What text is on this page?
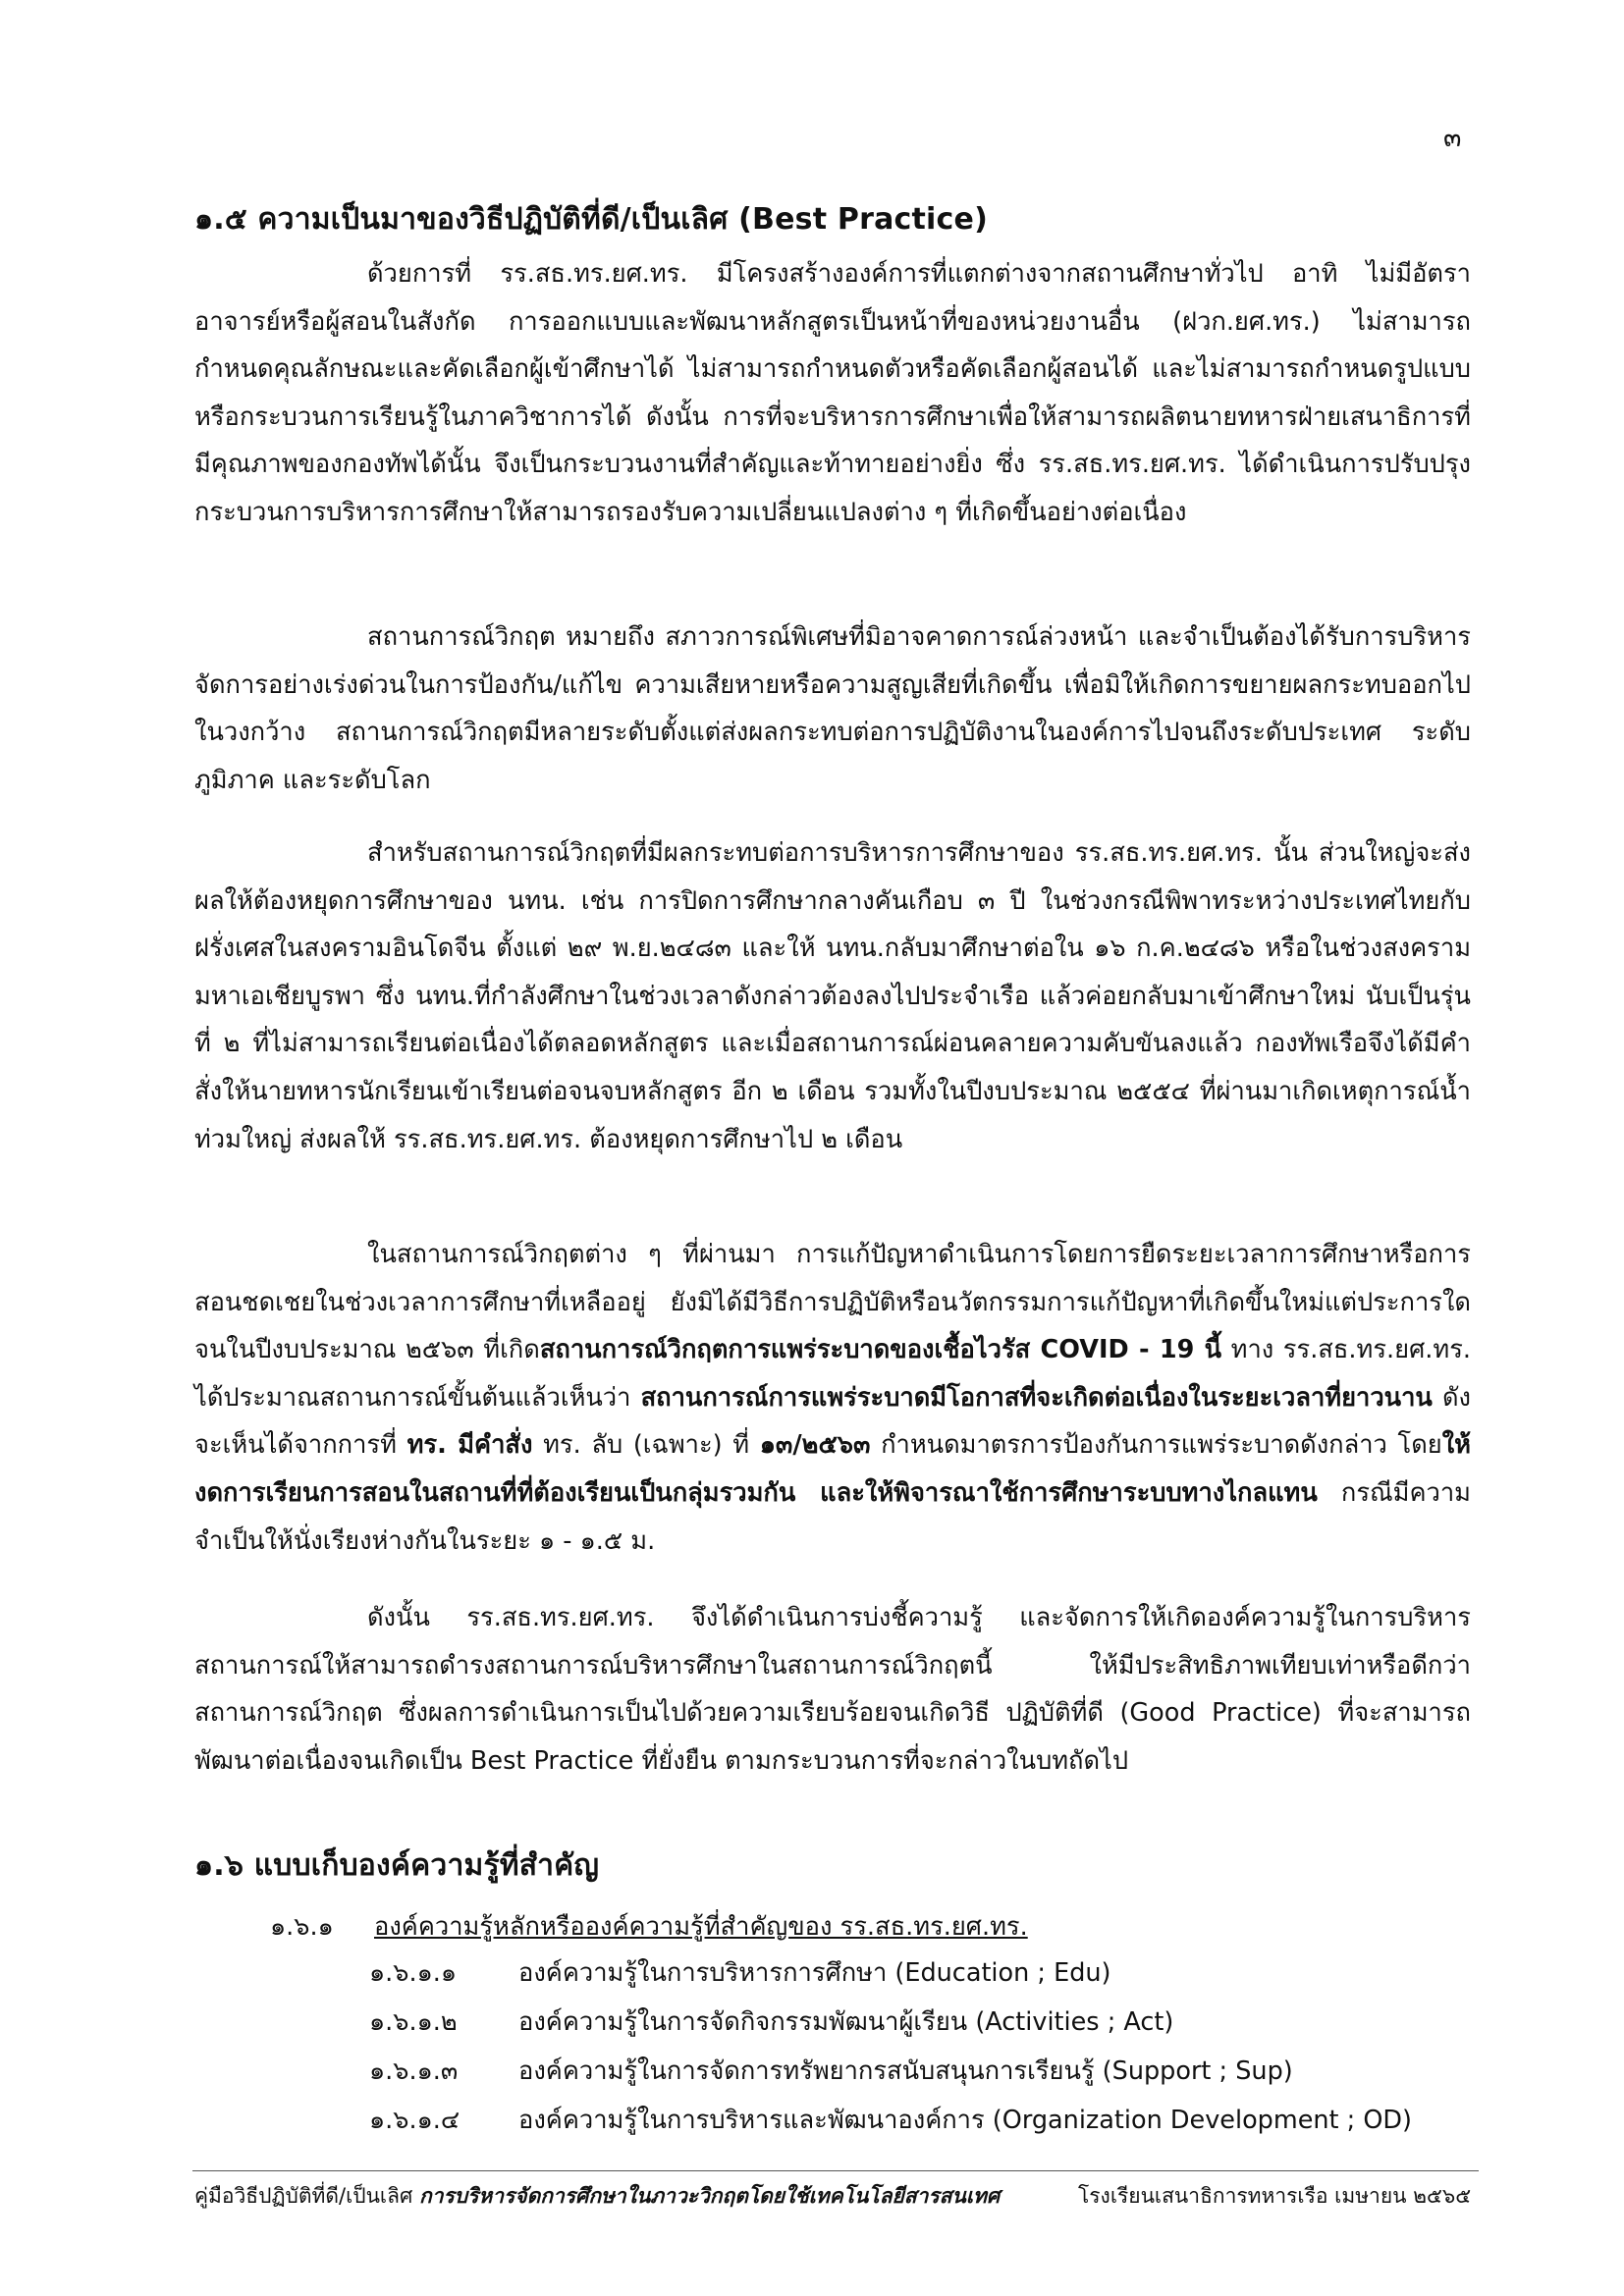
๓
๑.๕ ความเป็นมาของวิธีปฏิบัติที่ดี/เป็นเลิศ (Best Practice)

ด้วยการที่ รร.สธ.ทร.ยศ.ทร. มีโครงสร้างองค์การที่แตกต่างจากสถานศึกษาทั่วไป อาทิ ไม่มีอัตราอาจารย์หรือผู้สอนในสังกัด การออกแบบและพัฒนาหลักสูตรเป็นหน้าที่ของหน่วยงานอื่น (ฝวก.ยศ.ทร.) ไม่สามารถกำหนดคุณลักษณะและคัดเลือกผู้เข้าศึกษาได้ ไม่สามารถกำหนดตัวหรือคัดเลือกผู้สอนได้ และไม่สามารถกำหนดรูปแบบหรือกระบวนการเรียนรู้ในภาควิชาการได้ ดังนั้น การที่จะบริหารการศึกษาเพื่อให้สามารถผลิตนายทหารฝ่ายเสนาธิการที่มีคุณภาพของกองทัพได้นั้น จึงเป็นกระบวนงานที่สำคัญและท้าทายอย่างยิ่ง ซึ่ง รร.สธ.ทร.ยศ.ทร. ได้ดำเนินการปรับปรุงกระบวนการบริหารการศึกษาให้สามารถรองรับความเปลี่ยนแปลงต่าง ๆ ที่เกิดขึ้นอย่างต่อเนื่อง

สถานการณ์วิกฤต หมายถึง สภาวการณ์พิเศษที่มิอาจคาดการณ์ล่วงหน้า และจำเป็นต้องได้รับการบริหารจัดการอย่างเร่งด่วนในการป้องกัน/แก้ไข ความเสียหายหรือความสูญเสียที่เกิดขึ้น เพื่อมิให้เกิดการขยายผลกระทบออกไปในวงกว้าง สถานการณ์วิกฤตมีหลายระดับตั้งแต่ส่งผลกระทบต่อการปฏิบัติงานในองค์การไปจนถึงระดับประเทศ ระดับภูมิภาค และระดับโลก

สำหรับสถานการณ์วิกฤตที่มีผลกระทบต่อการบริหารการศึกษาของ รร.สธ.ทร.ยศ.ทร. นั้น ส่วนใหญ่จะส่งผลให้ต้องหยุดการศึกษาของ นทน. เช่น การปิดการศึกษากลางคันเกือบ ๓ ปี ในช่วงกรณีพิพาทระหว่างประเทศไทยกับฝรั่งเศสในสงครามอินโดจีน ตั้งแต่ ๒๙ พ.ย.๒๔๘๓ และให้ นทน.กลับมาศึกษาต่อใน ๑๖ ก.ค.๒๔๘๖ หรือในช่วงสงครามมหาเอเชียบูรพา ซึ่ง นทน.ที่กำลังศึกษาในช่วงเวลาดังกล่าวต้องลงไปประจำเรือ แล้วค่อยกลับมาเข้าศึกษาใหม่ นับเป็นรุ่นที่ ๒ ที่ไม่สามารถเรียนต่อเนื่องได้ตลอดหลักสูตร และเมื่อสถานการณ์ผ่อนคลายความคับขันลงแล้ว กองทัพเรือจึงได้มีคำสั่งให้นายทหารนักเรียนเข้าเรียนต่อจนจบหลักสูตร อีก ๒ เดือน รวมทั้งในปีงบประมาณ ๒๕๕๔ ที่ผ่านมาเกิดเหตุการณ์น้ำท่วมใหญ่ ส่งผลให้ รร.สธ.ทร.ยศ.ทร. ต้องหยุดการศึกษาไป ๒ เดือน

ในสถานการณ์วิกฤตต่าง ๆ ที่ผ่านมา การแก้ปัญหาดำเนินการโดยการยืดระยะเวลาการศึกษาหรือการสอนชดเชยในช่วงเวลาการศึกษาที่เหลืออยู่ ยังมิได้มีวิธีการปฏิบัติหรือนวัตกรรมการแก้ปัญหาที่เกิดขึ้นใหม่แต่ประการใด จนในปีงบประมาณ ๒๕๖๓ ที่เกิดสถานการณ์วิกฤตการแพร่ระบาดของเชื้อไวรัส COVID - 19 นี้ ทาง รร.สธ.ทร.ยศ.ทร. ได้ประมาณสถานการณ์ขั้นต้นแล้วเห็นว่า สถานการณ์การแพร่ระบาดมีโอกาสที่จะเกิดต่อเนื่องในระยะเวลาที่ยาวนาน ดังจะเห็นได้จากการที่ ทร. มีคำสั่ง ทร. ลับ (เฉพาะ) ที่ ๑๓/๒๕๖๓ กำหนดมาตรการป้องกันการแพร่ระบาดดังกล่าว โดยให้งดการเรียนการสอนในสถานที่ที่ต้องเรียนเป็นกลุ่มรวมกัน และให้พิจารณาใช้การศึกษาระบบทางไกลแทน กรณีมีความจำเป็นให้นั่งเรียงห่างกันในระยะ ๑ - ๑.๕ ม.

ดังนั้น รร.สธ.ทร.ยศ.ทร. จึงได้ดำเนินการบ่งชี้ความรู้ และจัดการให้เกิดองค์ความรู้ในการบริหารสถานการณ์ให้สามารถดำรงสถานการณ์บริหารศึกษาในสถานการณ์วิกฤตนี้ ให้มีประสิทธิภาพเทียบเท่าหรือดีกว่าสถานการณ์วิกฤต ซึ่งผลการดำเนินการเป็นไปด้วยความเรียบร้อยจนเกิดวิธี ปฏิบัติที่ดี (Good Practice) ที่จะสามารถพัฒนาต่อเนื่องจนเกิดเป็น Best Practice ที่ยั่งยืน ตามกระบวนการที่จะกล่าวในบทถัดไป

๑.๖ แบบเก็บองค์ความรู้ที่สำคัญ
๑.๖.๑ องค์ความรู้หลักหรือองค์ความรู้ที่สำคัญของ รร.สธ.ทร.ยศ.ทร.
๑.๖.๑.๑ องค์ความรู้ในการบริหารการศึกษา (Education ; Edu)
๑.๖.๑.๒ องค์ความรู้ในการจัดกิจกรรมพัฒนาผู้เรียน (Activities ; Act)
๑.๖.๑.๓ องค์ความรู้ในการจัดการทรัพยากรสนับสนุนการเรียนรู้ (Support ; Sup)
๑.๖.๑.๔ องค์ความรู้ในการบริหารและพัฒนาองค์การ (Organization Development ; OD)
คู่มือวิธีปฏิบัติที่ดี/เป็นเลิศ การบริหารจัดการศึกษาในภาวะวิกฤตโดยใช้เทคโนโลยีสารสนเทศ	โรงเรียนเสนาธิการทหารเรือ เมษายน ๒๕๖๕
